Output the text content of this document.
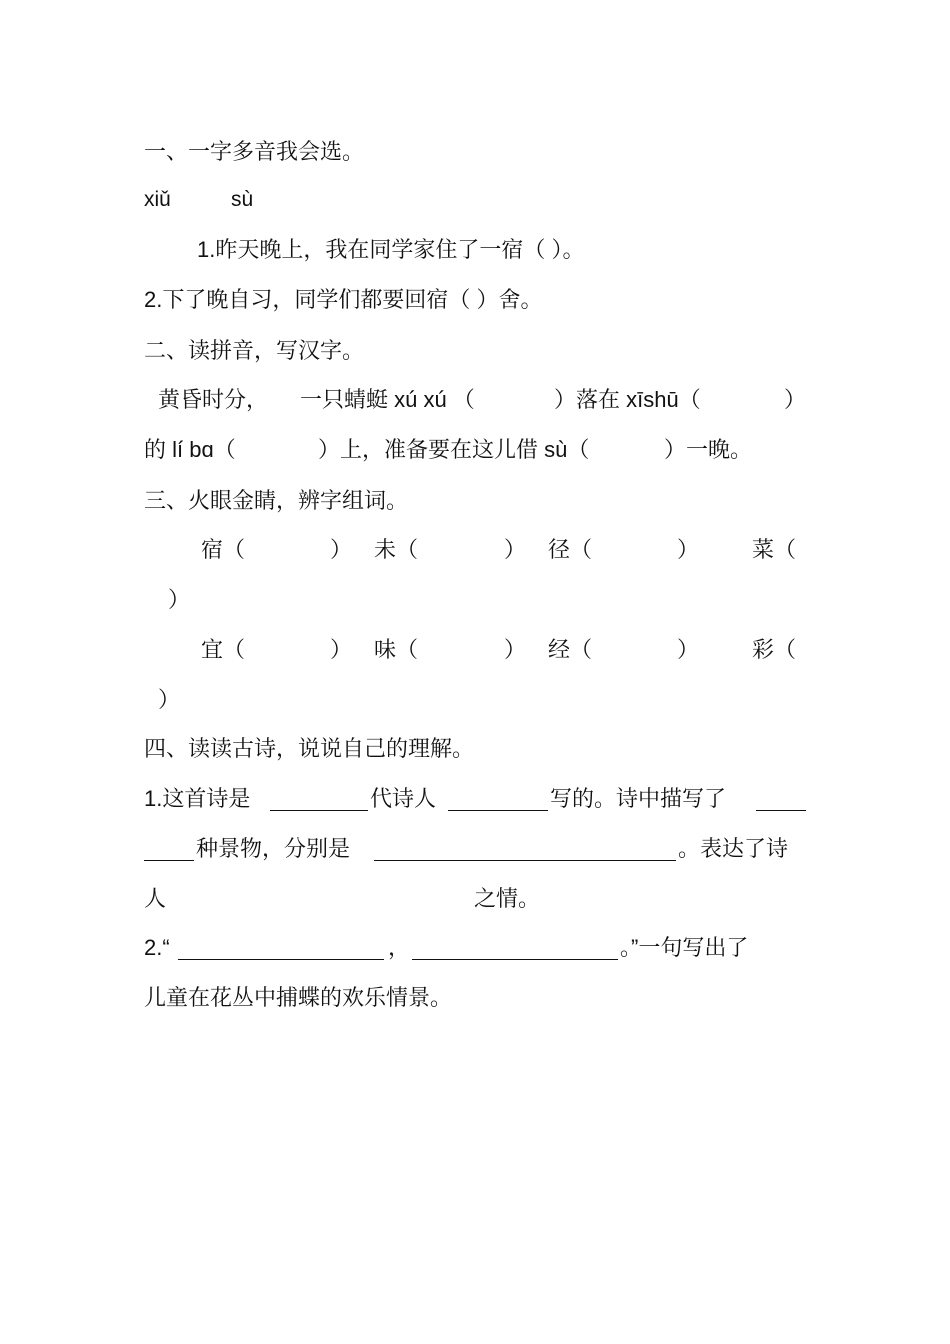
一、一字多音我会选。
xiǔ	sù
1.昨天晚上，我在同学家住了一宿（ ）。
2.下了晚自习，同学们都要回宿（ ）舍。
二、读拼音，写汉字。
黄昏时分， 一只蜻蜓 xú xú （	）落在 xīshū（	）
的 lí bɑ（	）上，准备要在这儿借 sù（	）一晚。
三、火眼金睛，辨字组词。
宿（	） 未（	） 径（	） 菜（
）
宜（	） 味（	） 经（	） 彩（
）
四、读读古诗，说说自己的理解。
1.这首诗是	代诗人	写的。诗中描写了
种景物，分别是	。表达了诗
人	之情。
2.“	，	。”一句写出了
儿童在花丛中捕蝶的欢乐情景。
